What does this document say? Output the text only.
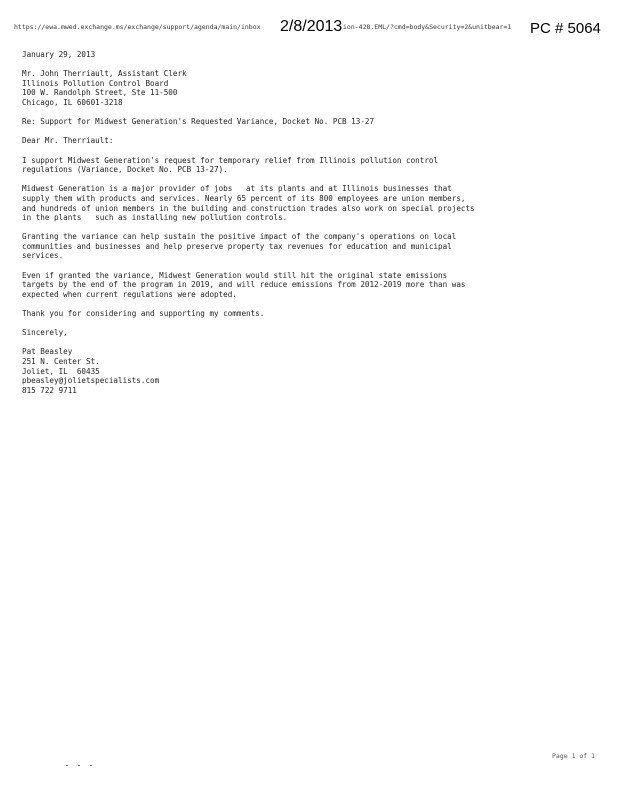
https://ewa.mwed.exchange.ms/exchange/support/agenda/main/inbox 2/8/2013 ion-428.EML/?cmd=body&Security=2&unitbear=1 PC # 5064
January 29, 2013
Mr. John Therriault, Assistant Clerk
Illinois Pollution Control Board
100 W. Randolph Street, Ste 11-500
Chicago, IL 60601-3218
Re: Support for Midwest Generation's Requested Variance, Docket No. PCB 13-27
Dear Mr. Therriault:
I support Midwest Generation's request for temporary relief from Illinois pollution control
regulations (Variance, Docket No. PCB 13-27).
Midwest Generation is a major provider of jobs   at its plants and at Illinois businesses that
supply them with products and services. Nearly 65 percent of its 800 employees are union members,
and hundreds of union members in the building and construction trades also work on special projects
in the plants   such as installing new pollution controls.
Granting the variance can help sustain the positive impact of the company's operations on local
communities and businesses and help preserve property tax revenues for education and municipal
services.
Even if granted the variance, Midwest Generation would still hit the original state emissions
targets by the end of the program in 2019, and will reduce emissions from 2012-2019 more than was
expected when current regulations were adopted.
Thank you for considering and supporting my comments.
Sincerely,
Pat Beasley
251 N. Center St.
Joliet, IL  60435
pbeasley@jolietspecialists.com
815 722 9711
Page 1 of 1
